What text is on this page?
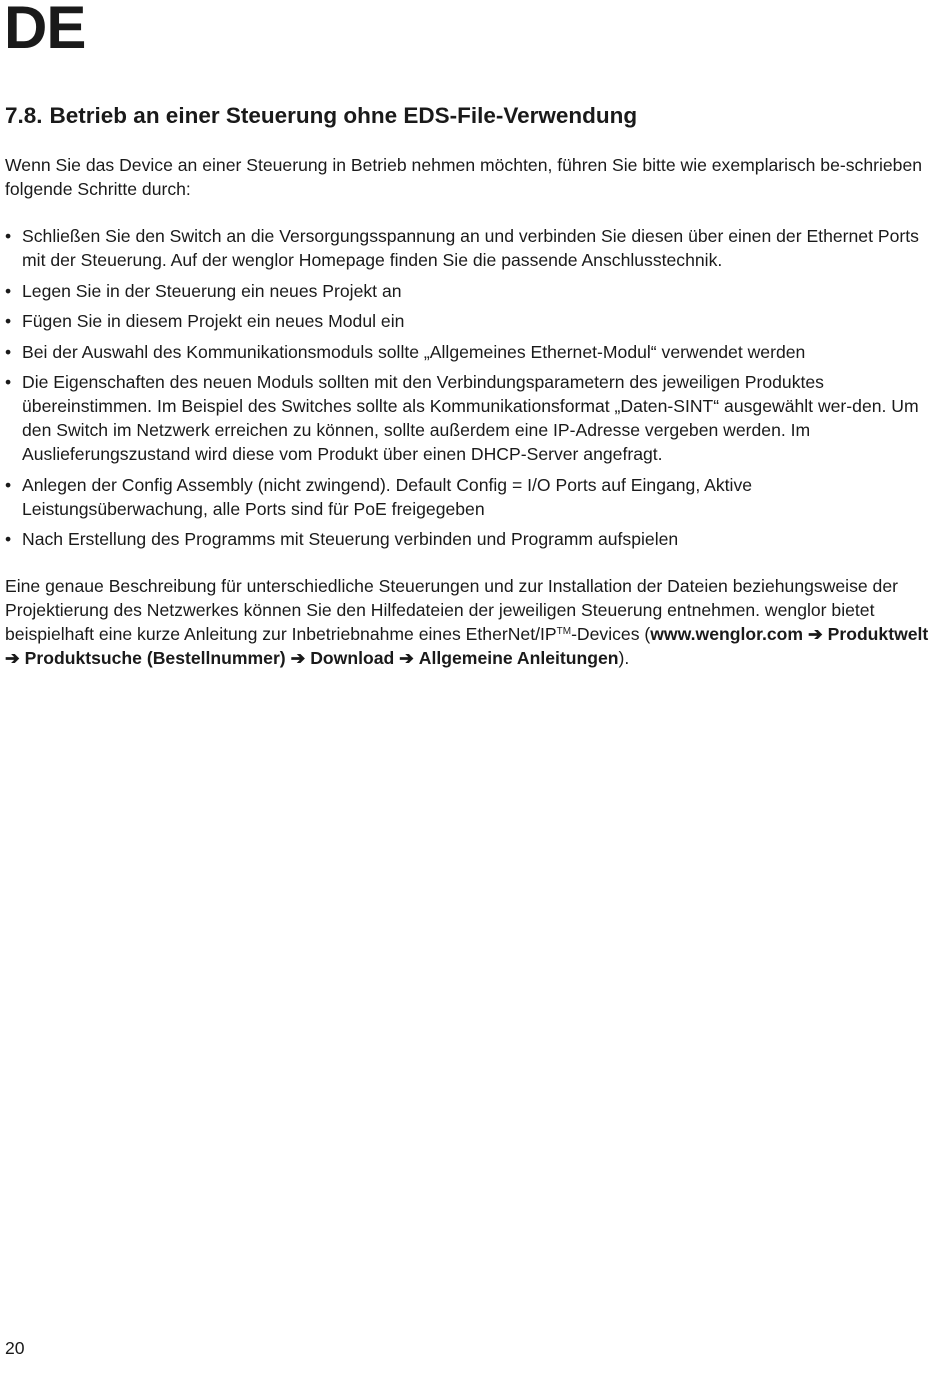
DE
7.8. Betrieb an einer Steuerung ohne EDS-File-Verwendung

Wenn Sie das Device an einer Steuerung in Betrieb nehmen möchten, führen Sie bitte wie exemplarisch be-schrieben folgende Schritte durch:

• Schließen Sie den Switch an die Versorgungsspannung an und verbinden Sie diesen über einen der Ethernet Ports mit der Steuerung. Auf der wenglor Homepage finden Sie die passende Anschlusstechnik.
• Legen Sie in der Steuerung ein neues Projekt an
• Fügen Sie in diesem Projekt ein neues Modul ein
• Bei der Auswahl des Kommunikationsmoduls sollte „Allgemeines Ethernet-Modul“ verwendet werden
• Die Eigenschaften des neuen Moduls sollten mit den Verbindungsparametern des jeweiligen Produktes übereinstimmen. Im Beispiel des Switches sollte als Kommunikationsformat „Daten-SINT“ ausgewählt wer-den. Um den Switch im Netzwerk erreichen zu können, sollte außerdem eine IP-Adresse vergeben werden. Im Auslieferungszustand wird diese vom Produkt über einen DHCP-Server angefragt.
• Anlegen der Config Assembly (nicht zwingend). Default Config = I/O Ports auf Eingang, Aktive Leistungsüberwachung, alle Ports sind für PoE freigegeben
• Nach Erstellung des Programms mit Steuerung verbinden und Programm aufspielen

Eine genaue Beschreibung für unterschiedliche Steuerungen und zur Installation der Dateien beziehungsweise der Projektierung des Netzwerkes können Sie den Hilfedateien der jeweiligen Steuerung entnehmen. wenglor bietet beispielhaft eine kurze Anleitung zur Inbetriebnahme eines EtherNet/IP™-Devices (www.wenglor.com ➔ Produktwelt ➔ Produktsuche (Bestellnummer) ➔ Download ➔ Allgemeine Anleitungen).

20
